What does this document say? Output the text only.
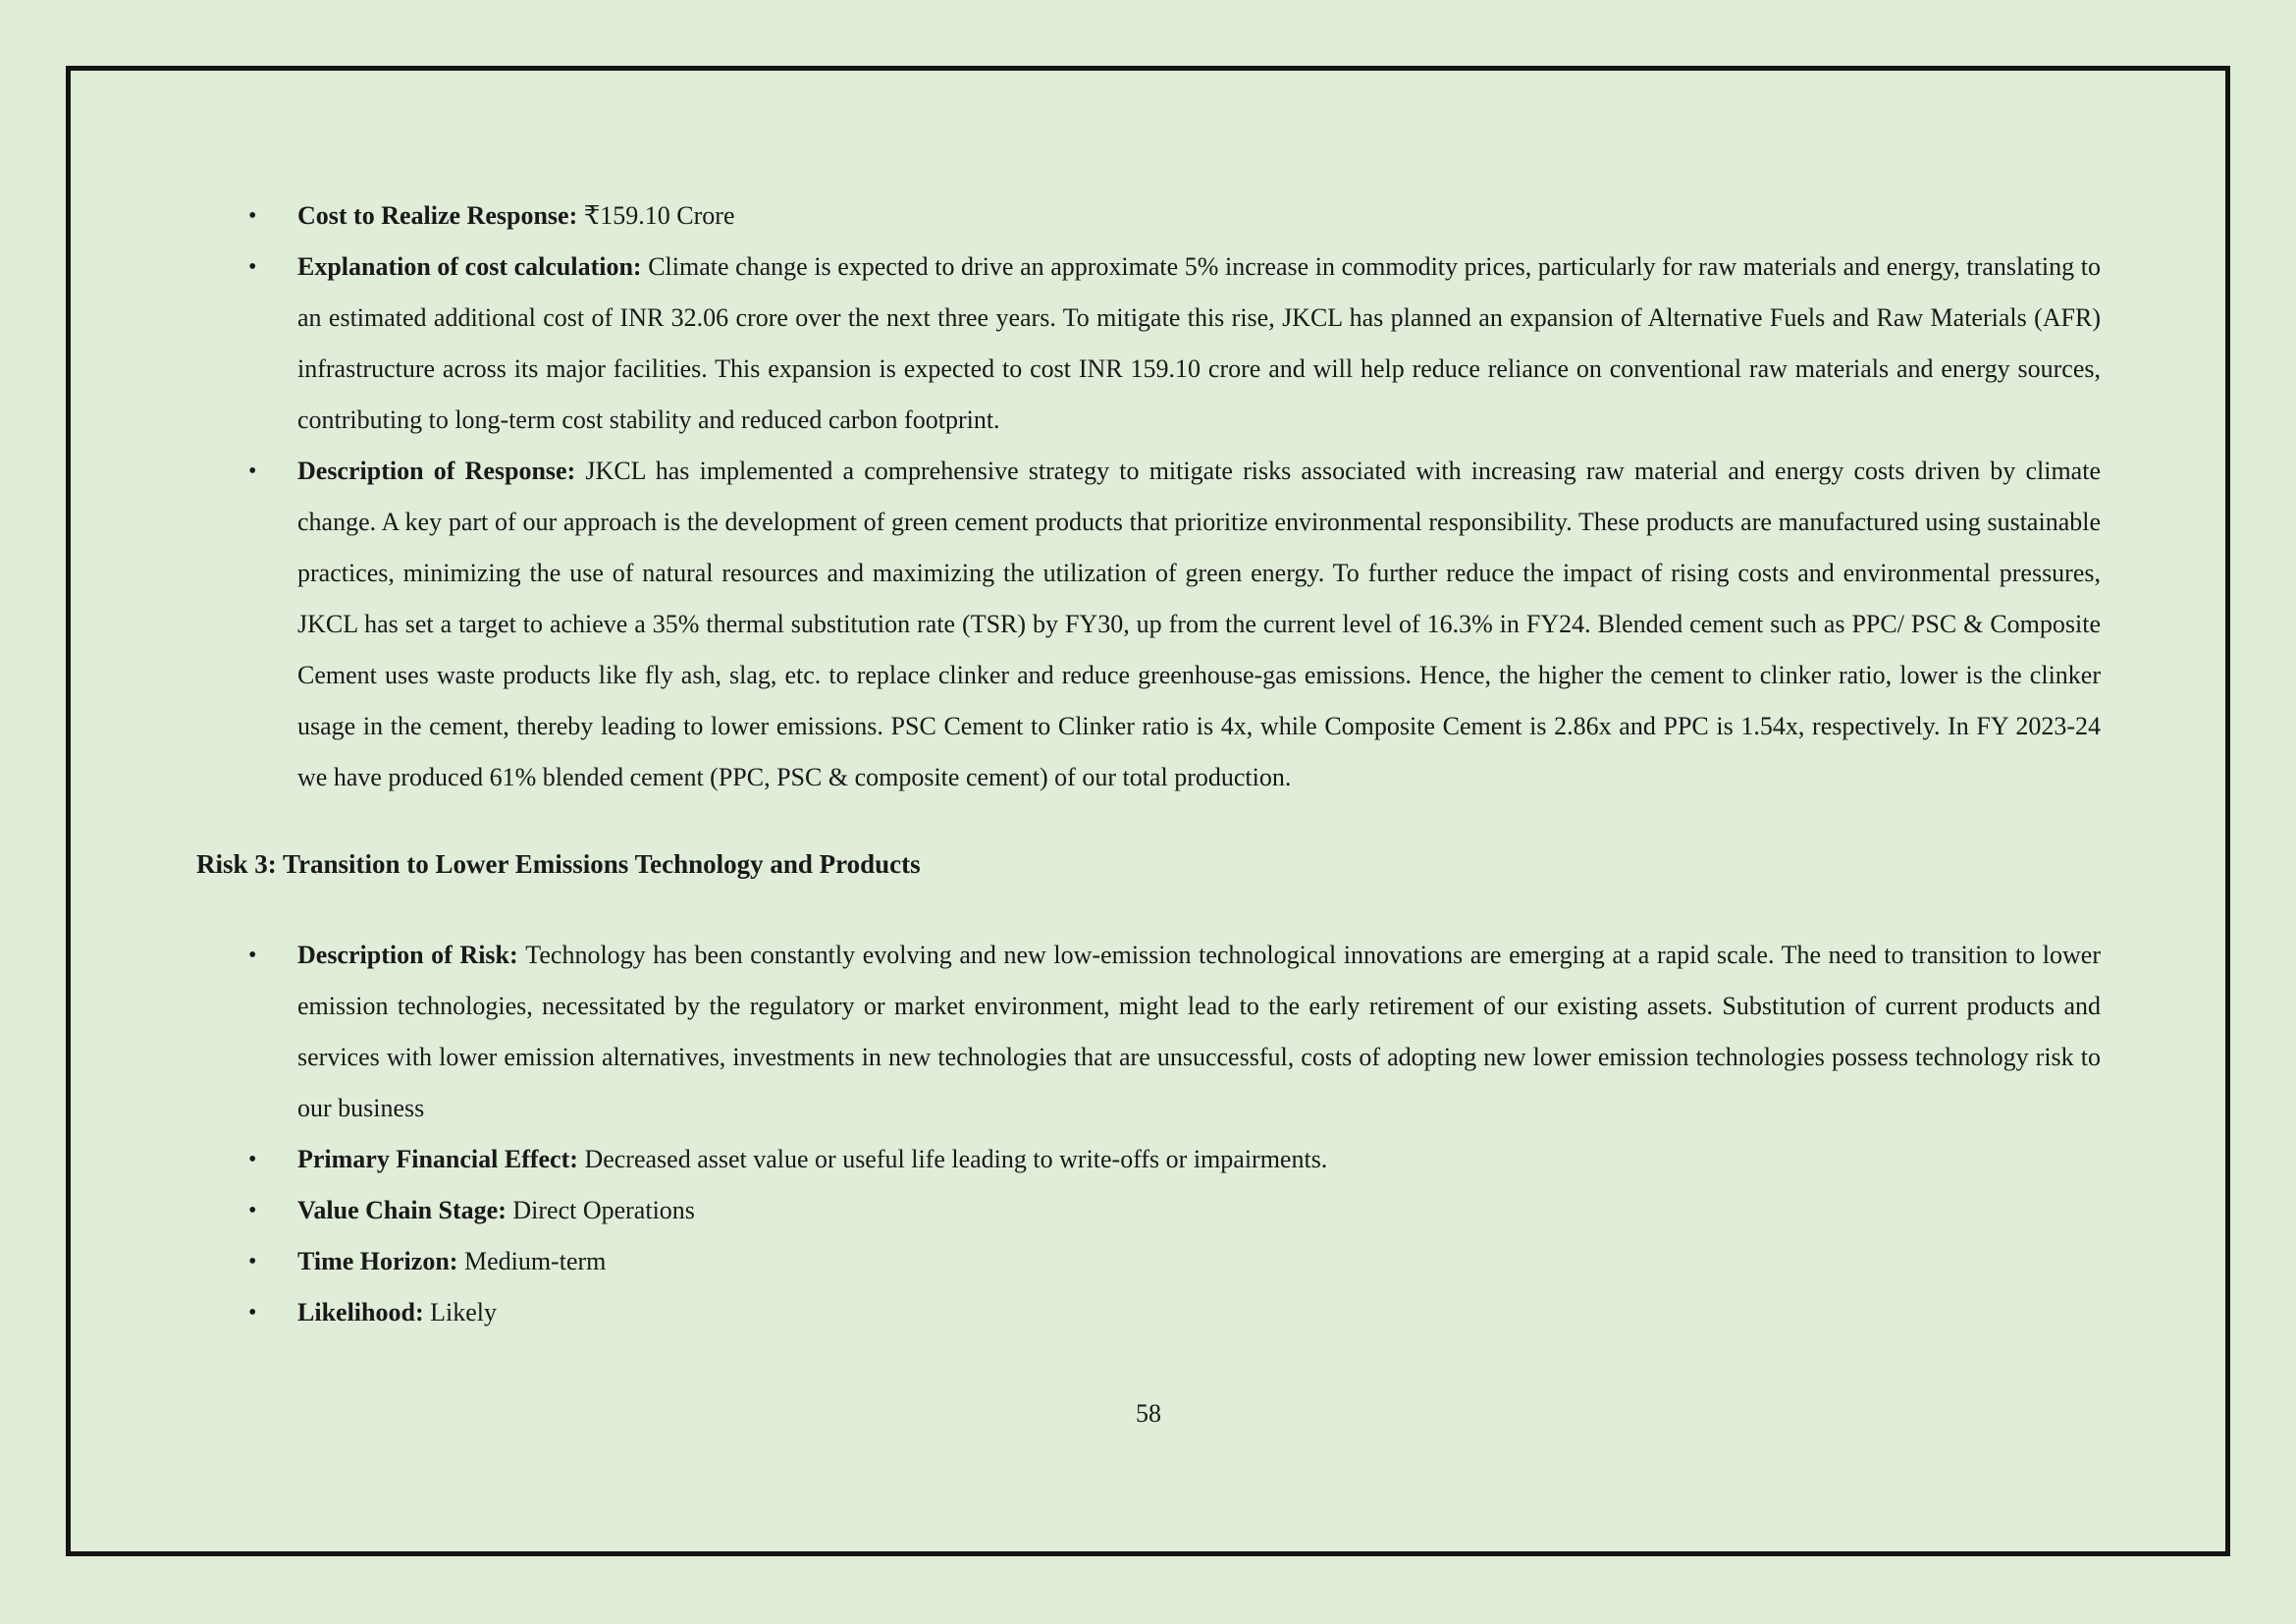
• Cost to Realize Response: ₹159.10 Crore
• Explanation of cost calculation: Climate change is expected to drive an approximate 5% increase in commodity prices, particularly for raw materials and energy, translating to an estimated additional cost of INR 32.06 crore over the next three years. To mitigate this rise, JKCL has planned an expansion of Alternative Fuels and Raw Materials (AFR) infrastructure across its major facilities. This expansion is expected to cost INR 159.10 crore and will help reduce reliance on conventional raw materials and energy sources, contributing to long-term cost stability and reduced carbon footprint.
• Description of Response: JKCL has implemented a comprehensive strategy to mitigate risks associated with increasing raw material and energy costs driven by climate change. A key part of our approach is the development of green cement products that prioritize environmental responsibility. These products are manufactured using sustainable practices, minimizing the use of natural resources and maximizing the utilization of green energy. To further reduce the impact of rising costs and environmental pressures, JKCL has set a target to achieve a 35% thermal substitution rate (TSR) by FY30, up from the current level of 16.3% in FY24. Blended cement such as PPC/ PSC & Composite Cement uses waste products like fly ash, slag, etc. to replace clinker and reduce greenhouse-gas emissions. Hence, the higher the cement to clinker ratio, lower is the clinker usage in the cement, thereby leading to lower emissions. PSC Cement to Clinker ratio is 4x, while Composite Cement is 2.86x and PPC is 1.54x, respectively. In FY 2023-24 we have produced 61% blended cement (PPC, PSC & composite cement) of our total production.
Risk 3: Transition to Lower Emissions Technology and Products
• Description of Risk: Technology has been constantly evolving and new low-emission technological innovations are emerging at a rapid scale. The need to transition to lower emission technologies, necessitated by the regulatory or market environment, might lead to the early retirement of our existing assets. Substitution of current products and services with lower emission alternatives, investments in new technologies that are unsuccessful, costs of adopting new lower emission technologies possess technology risk to our business
• Primary Financial Effect: Decreased asset value or useful life leading to write-offs or impairments.
• Value Chain Stage: Direct Operations
• Time Horizon: Medium-term
• Likelihood: Likely
58
